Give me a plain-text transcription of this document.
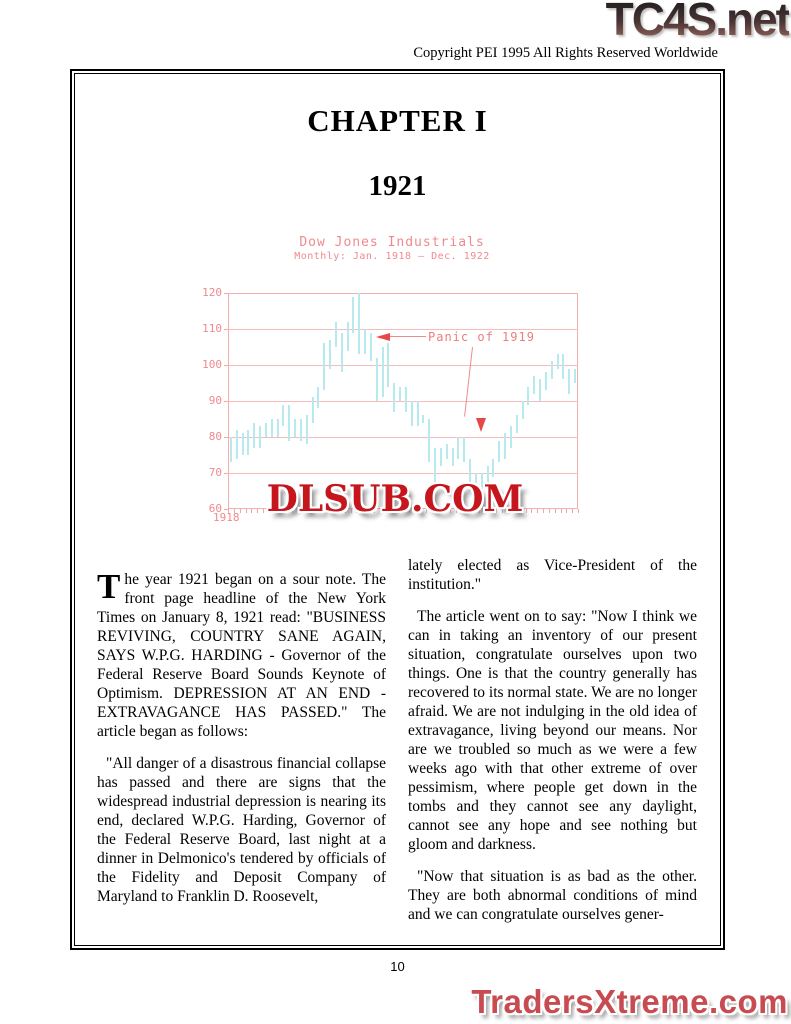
TC4S.net
Copyright PEI 1995 All Rights Reserved Worldwide
CHAPTER I
1921
Dow Jones Industrials
Monthly: Jan. 1918 — Dec. 1922
60
70
80
90
100
110
120
1918
Panic of 1919
DLSUB.COM

The year 1921 began on a sour note. The front page headline of the New York Times on January 8, 1921 read: "BUSINESS REVIVING, COUNTRY SANE AGAIN, SAYS W.P.G. HARDING - Governor of the Federal Reserve Board Sounds Keynote of Optimism. DEPRESSION AT AN END - EXTRAVAGANCE HAS PASSED." The article began as follows:

"All danger of a disastrous financial collapse has passed and there are signs that the widespread industrial depression is nearing its end, declared W.P.G. Harding, Governor of the Federal Reserve Board, last night at a dinner in Delmonico's tendered by officials of the Fidelity and Deposit Company of Maryland to Franklin D. Roosevelt,

lately elected as Vice-President of the institution."

The article went on to say: "Now I think we can in taking an inventory of our present situation, congratulate ourselves upon two things. One is that the country generally has recovered to its normal state. We are no longer afraid. We are not indulging in the old idea of extravagance, living beyond our means. Nor are we troubled so much as we were a few weeks ago with that other extreme of over pessimism, where people get down in the tombs and they cannot see any daylight, cannot see any hope and see nothing but gloom and darkness.

"Now that situation is as bad as the other. They are both abnormal conditions of mind and we can congratulate ourselves gener-

10
TradersXtreme.com
